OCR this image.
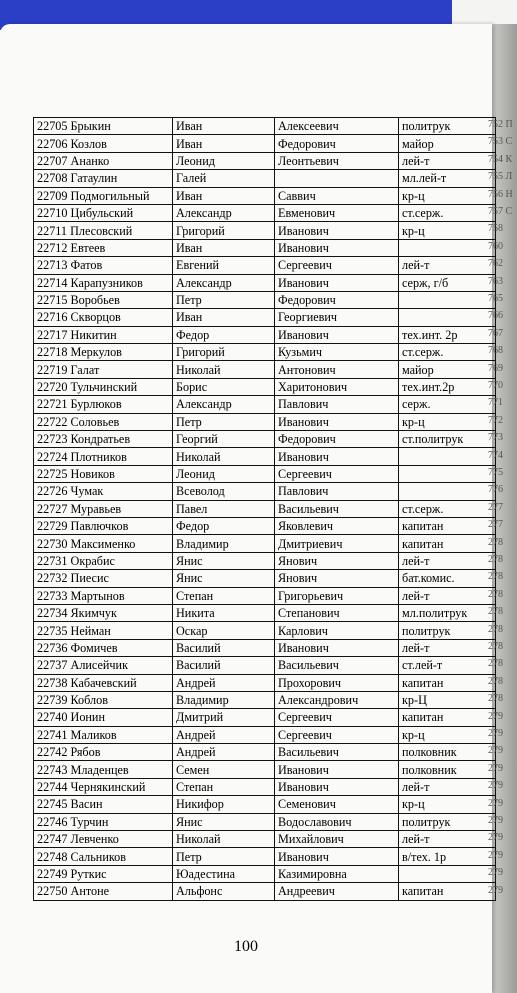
22705 Брыкин	Иван	Алексеевич	политрук
22706 Козлов	Иван	Федорович	майор
22707 Ананко	Леонид	Леонтьевич	лей-т
22708 Гатаулин	Галей		мл.лей-т
22709 Подмогильный	Иван	Саввич	кр-ц
22710 Цибульский	Александр	Евменович	ст.серж.
22711 Плесовский	Григорий	Иванович	кр-ц
22712 Евтеев	Иван	Иванович	
22713 Фатов	Евгений	Сергеевич	лей-т
22714 Карапузников	Александр	Иванович	серж, г/б
22715 Воробьев	Петр	Федорович	
22716 Скворцов	Иван	Георгиевич	
22717 Никитин	Федор	Иванович	тех.инт. 2р
22718 Меркулов	Григорий	Кузьмич	ст.серж.
22719 Галат	Николай	Антонович	майор
22720 Тульчинский	Борис	Харитонович	тех.инт.2р
22721 Бурлюков	Александр	Павлович	серж.
22722 Соловьев	Петр	Иванович	кр-ц
22723 Кондратьев	Георгий	Федорович	ст.политрук
22724 Плотников	Николай	Иванович	
22725 Новиков	Леонид	Сергеевич	
22726 Чумак	Всеволод	Павлович	
22727 Муравьев	Павел	Васильевич	ст.серж.
22729 Павлючков	Федор	Яковлевич	капитан
22730 Максименко	Владимир	Дмитриевич	капитан
22731 Окрабис	Янис	Янович	лей-т
22732 Пиесис	Янис	Янович	бат.комис.
22733 Мартынов	Степан	Григорьевич	лей-т
22734 Якимчук	Никита	Степанович	мл.политрук
22735 Нейман	Оскар	Карлович	политрук
22736 Фомичев	Василий	Иванович	лей-т
22737 Алисейчик	Василий	Васильевич	ст.лей-т
22738 Кабачевский	Андрей	Прохорович	капитан
22739 Коблов	Владимир	Александрович	кр-Ц
22740 Ионин	Дмитрий	Сергеевич	капитан
22741 Маликов	Андрей	Сергеевич	кр-ц
22742 Рябов	Андрей	Васильевич	полковник
22743 Младенцев	Семен	Иванович	полковник
22744 Чернякинский	Степан	Иванович	лей-т
22745 Васин	Никифор	Семенович	кр-ц
22746 Турчин	Янис	Водославович	политрук
22747 Левченко	Николай	Михайлович	лей-т
22748 Сальников	Петр	Иванович	в/тех. 1р
22749 Руткис	Юадестина	Казимировна	
22750 Антоне	Альфонс	Андреевич	капитан
752 П
753 С
754 К
755 Л
756 Н
757 С
758
760
762
763
765
766
767
768
769
770
771
772
773
774
775
776
277
277
278
278
278
278
278
278
278
278
278
278
279
279
279
279
279
279
279
279
279
279
279
100
